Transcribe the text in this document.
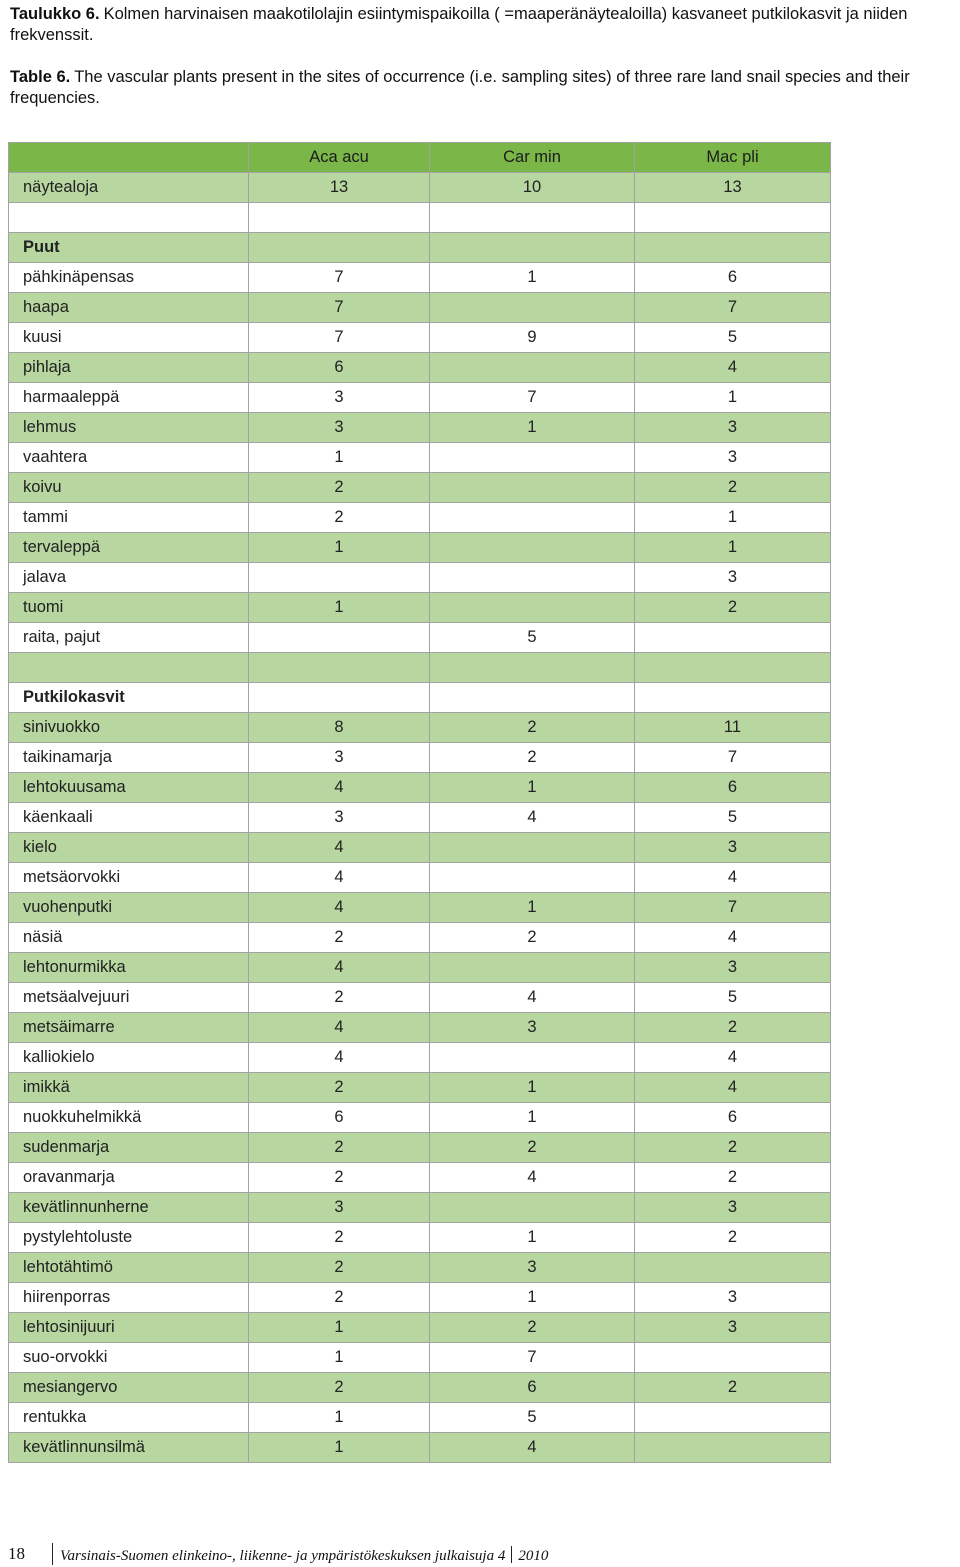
Taulukko 6. Kolmen harvinaisen maakotilolajin esiintymispaikoilla ( =maaperänäytealoilla) kasvaneet putkilokasvit ja niiden frekvenssit.

Table 6. The vascular plants present in the sites of occurrence (i.e. sampling sites) of three rare land snail species and their frequencies.

	Aca acu	Car min	Mac pli
näytealoja	13	10	13

Puut			
pähkinäpensas	7	1	6
haapa	7		7
kuusi	7	9	5
pihlaja	6		4
harmaaleppä	3	7	1
lehmus	3	1	3
vaahtera	1		3
koivu	2		2
tammi	2		1
tervaleppä	1		1
jalava			3
tuomi	1		2
raita, pajut		5	

Putkilokasvit			
sinivuokko	8	2	11
taikinamarja	3	2	7
lehtokuusama	4	1	6
käenkaali	3	4	5
kielo	4		3
metsäorvokki	4		4
vuohenputki	4	1	7
näsiä	2	2	4
lehtonurmikka	4		3
metsäalvejuuri	2	4	5
metsäimarre	4	3	2
kalliokielo	4		4
imikkä	2	1	4
nuokkuhelmikkä	6	1	6
sudenmarja	2	2	2
oravanmarja	2	4	2
kevätlinnunherne	3		3
pystylehtoluste	2	1	2
lehtotähtimö	2	3	
hiirenporras	2	1	3
lehtosinijuuri	1	2	3
suo-orvokki	1	7	
mesiangervo	2	6	2
rentukka	1	5	
kevätlinnunsilmä	1	4	
18 Varsinais-Suomen elinkeino-, liikenne- ja ympäristökeskuksen julkaisuja 4 2010
